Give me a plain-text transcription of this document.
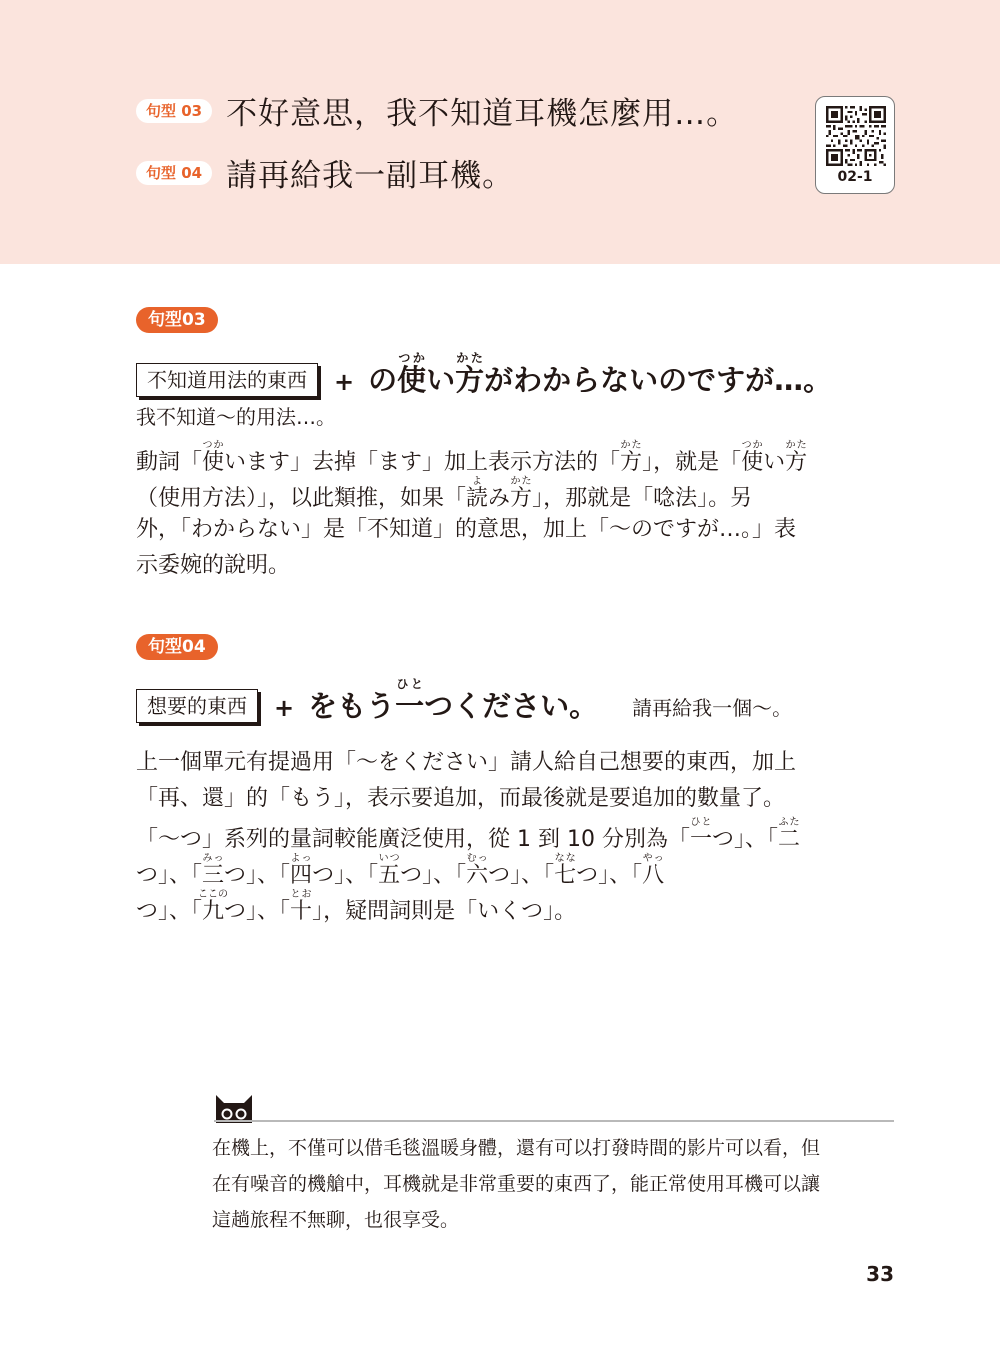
句型 03 不好意思，我不知道耳機怎麼用…。
句型 04 請再給我一副耳機。	02-1
句型03
不知道用法的東西	+ の使つかい方かたがわからないのですが…。
我不知道～的用法…。
動詞「使つかいます」去掉「ます」加上表示方法的「方かた」，就是「使つかい方かた
（使用方法）」，以此類推，如果「読よみ方かた」，那就是「唸法」。另
外，「わからない」是「不知道」的意思，加上「～のですが…。」表
示委婉的說明。
句型04
想要的東西	+ をもう一ひとつください。 請再給我一個～。
上一個單元有提過用「～をください」請人給自己想要的東西，加上
「再、還」的「もう」，表示要追加，而最後就是要追加的數量了。
「～つ」系列的量詞較能廣泛使用，從 1 到 10 分別為「一ひとつ」、「二ふた
つ」、「三みっつ」、「四よっつ」、「五いつつ」、「六むっつ」、「七ななつ」、「八やっ
つ」、「九ここのつ」、「十とお」，疑問詞則是「いくつ」。
在機上，不僅可以借毛毯溫暖身體，還有可以打發時間的影片可以看，但
在有噪音的機艙中，耳機就是非常重要的東西了，能正常使用耳機可以讓
這趟旅程不無聊，也很享受。
33
